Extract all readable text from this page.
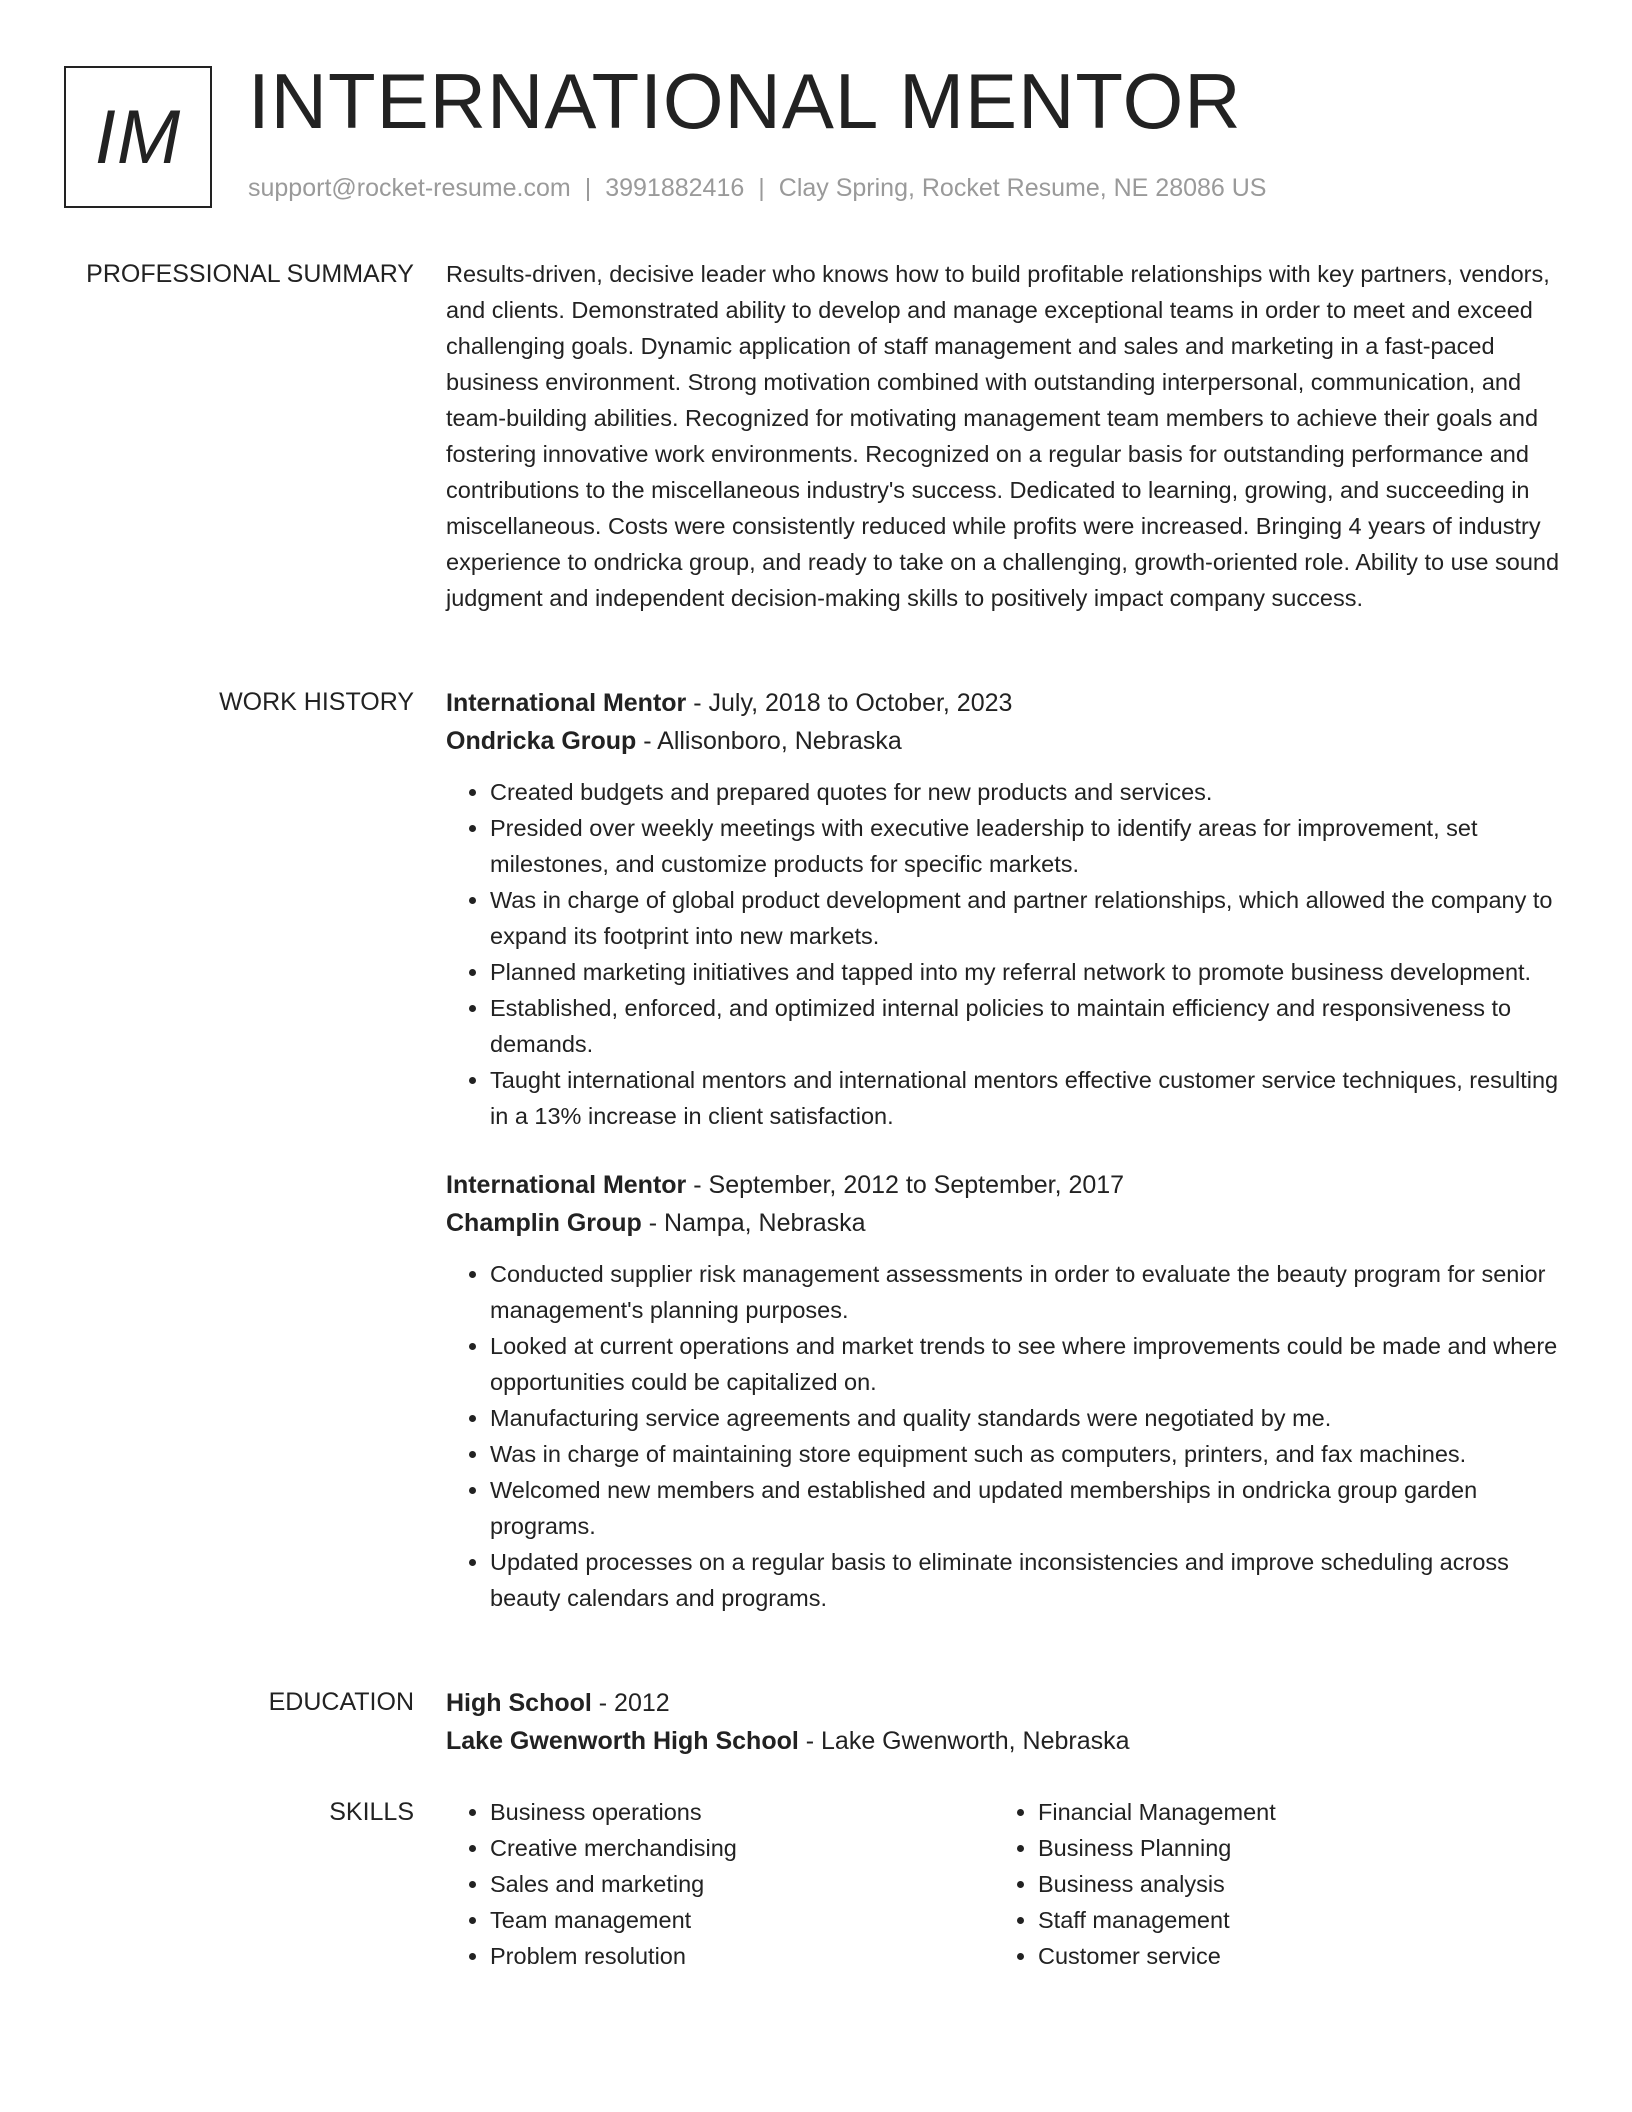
IM INTERNATIONAL MENTOR
support@rocket-resume.com | 3991882416 | Clay Spring, Rocket Resume, NE 28086 US
PROFESSIONAL SUMMARY Results-driven, decisive leader who knows how to build profitable relationships with key partners, vendors, and clients. Demonstrated ability to develop and manage exceptional teams in order to meet and exceed challenging goals. Dynamic application of staff management and sales and marketing in a fast-paced business environment. Strong motivation combined with outstanding interpersonal, communication, and team-building abilities. Recognized for motivating management team members to achieve their goals and fostering innovative work environments. Recognized on a regular basis for outstanding performance and contributions to the miscellaneous industry's success. Dedicated to learning, growing, and succeeding in miscellaneous. Costs were consistently reduced while profits were increased. Bringing 4 years of industry experience to ondricka group, and ready to take on a challenging, growth-oriented role. Ability to use sound judgment and independent decision-making skills to positively impact company success.

WORK HISTORY International Mentor - July, 2018 to October, 2023
Ondricka Group - Allisonboro, Nebraska
• Created budgets and prepared quotes for new products and services.
• Presided over weekly meetings with executive leadership to identify areas for improvement, set milestones, and customize products for specific markets.
• Was in charge of global product development and partner relationships, which allowed the company to expand its footprint into new markets.
• Planned marketing initiatives and tapped into my referral network to promote business development.
• Established, enforced, and optimized internal policies to maintain efficiency and responsiveness to demands.
• Taught international mentors and international mentors effective customer service techniques, resulting in a 13% increase in client satisfaction.
International Mentor - September, 2012 to September, 2017
Champlin Group - Nampa, Nebraska
• Conducted supplier risk management assessments in order to evaluate the beauty program for senior management's planning purposes.
• Looked at current operations and market trends to see where improvements could be made and where opportunities could be capitalized on.
• Manufacturing service agreements and quality standards were negotiated by me.
• Was in charge of maintaining store equipment such as computers, printers, and fax machines.
• Welcomed new members and established and updated memberships in ondricka group garden programs.
• Updated processes on a regular basis to eliminate inconsistencies and improve scheduling across beauty calendars and programs.
EDUCATION High School - 2012
Lake Gwenworth High School - Lake Gwenworth, Nebraska
SKILLS
•	Business operations
• Creative merchandising
• Sales and marketing
• Team management
• Problem resolution
• Financial Management
• Business Planning
• Business analysis
• Staff management
• Customer service
